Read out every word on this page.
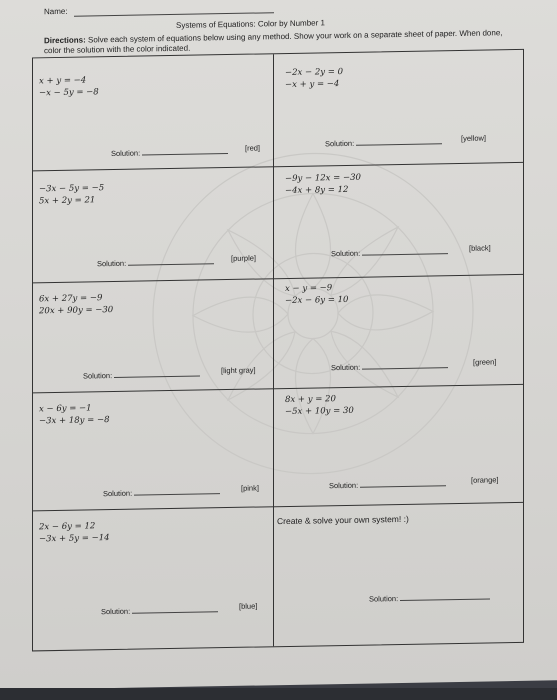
Name:
Systems of Equations: Color by Number 1
Directions: Solve each system of equations below using any method. Show your work on a separate sheet of paper. When done, color the solution with the color indicated.
x + y = −4
−x − 5y = −8
Solution:
[red]
−2x − 2y = 0
−x + y = −4
Solution:
[yellow]
−3x − 5y = −5
5x + 2y = 21
Solution:
[purple]
−9y − 12x = −30
−4x + 8y = 12
Solution:
[black]
6x + 27y = −9
20x + 90y = −30
Solution:
[light gray]
x − y = −9
−2x − 6y = 10
Solution:
[green]
x − 6y = −1
−3x + 18y = −8
Solution:
[pink]
8x + y = 20
−5x + 10y = 30
Solution:
[orange]
2x − 6y = 12
−3x + 5y = −14
Solution:
[blue]
Create & solve your own system! :)
Solution:
